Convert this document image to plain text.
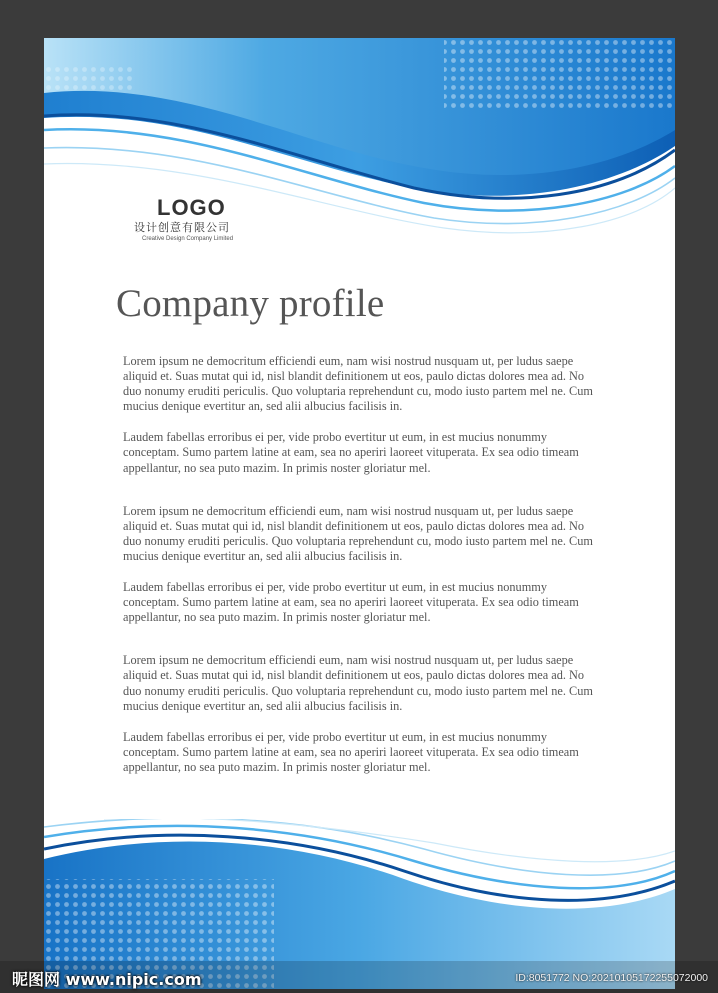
LOGO
设计创意有限公司
Creative Design Company Limited
Company profile

Lorem ipsum ne democritum efficiendi eum, nam wisi nostrud nusquam ut, per ludus saepe aliquid et. Suas mutat qui id, nisl blandit definitionem ut eos, paulo dictas dolores mea ad. No duo nonumy eruditi periculis. Quo voluptaria reprehendunt cu, modo iusto partem mel ne. Cum mucius denique evertitur an, sed alii albucius facilisis in.

Laudem fabellas erroribus ei per, vide probo evertitur ut eum, in est mucius nonummy conceptam. Sumo partem latine at eam, sea no aperiri laoreet vituperata. Ex sea odio timeam appellantur, no sea puto mazim. In primis noster gloriatur mel.

Lorem ipsum ne democritum efficiendi eum, nam wisi nostrud nusquam ut, per ludus saepe aliquid et. Suas mutat qui id, nisl blandit definitionem ut eos, paulo dictas dolores mea ad. No duo nonumy eruditi periculis. Quo voluptaria reprehendunt cu, modo iusto partem mel ne. Cum mucius denique evertitur an, sed alii albucius facilisis in.

Laudem fabellas erroribus ei per, vide probo evertitur ut eum, in est mucius nonummy conceptam. Sumo partem latine at eam, sea no aperiri laoreet vituperata. Ex sea odio timeam appellantur, no sea puto mazim. In primis noster gloriatur mel.

Lorem ipsum ne democritum efficiendi eum, nam wisi nostrud nusquam ut, per ludus saepe aliquid et. Suas mutat qui id, nisl blandit definitionem ut eos, paulo dictas dolores mea ad. No duo nonumy eruditi periculis. Quo voluptaria reprehendunt cu, modo iusto partem mel ne. Cum mucius denique evertitur an, sed alii albucius facilisis in.

Laudem fabellas erroribus ei per, vide probo evertitur ut eum, in est mucius nonummy conceptam. Sumo partem latine at eam, sea no aperiri laoreet vituperata. Ex sea odio timeam appellantur, no sea puto mazim. In primis noster gloriatur mel.

昵图网 www.nipic.com	ID:8051772 NO:20210105172255072000
